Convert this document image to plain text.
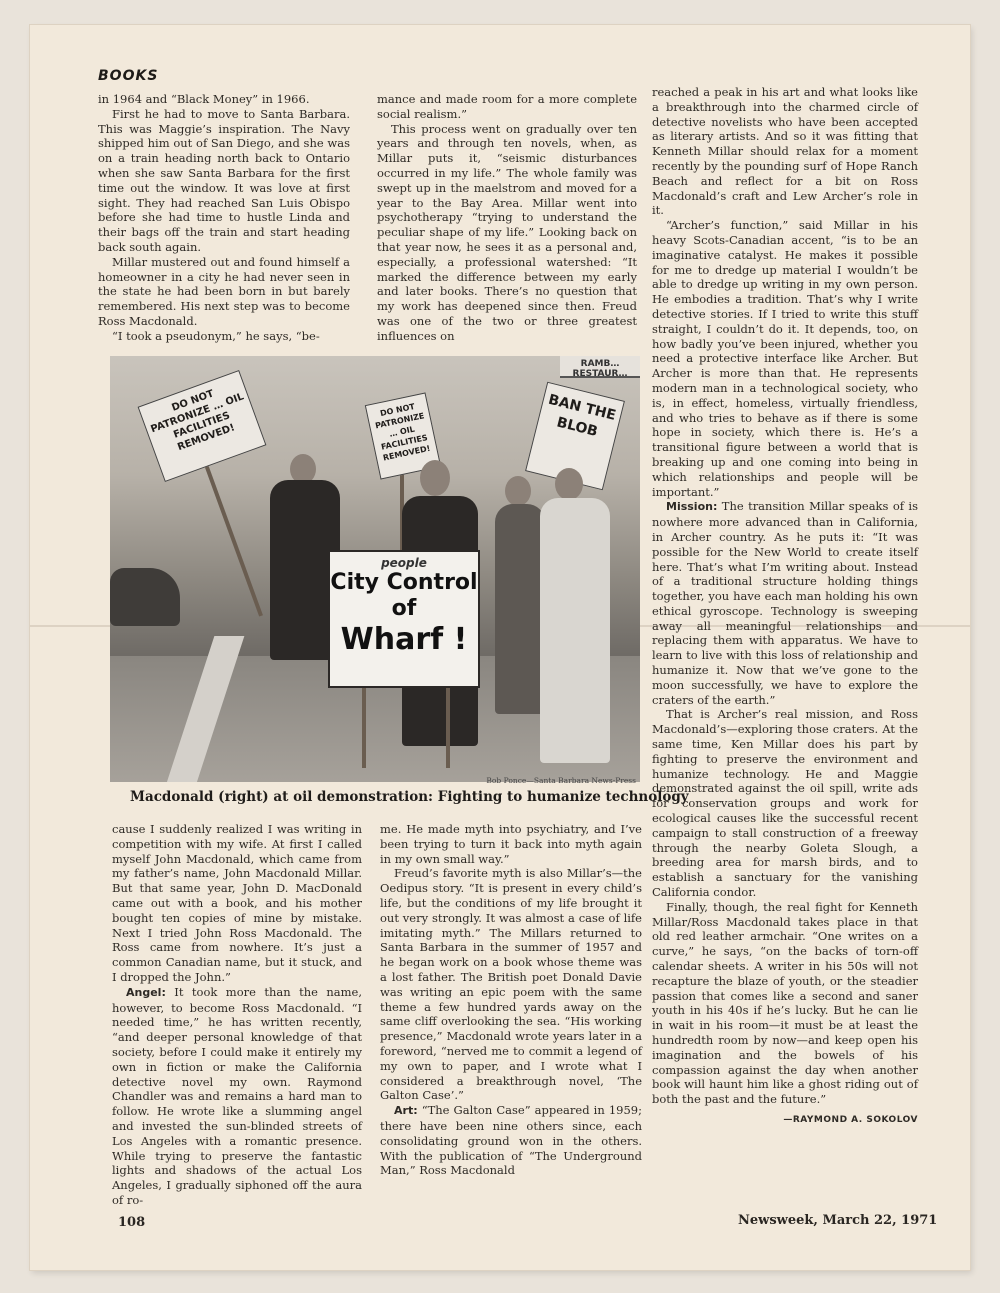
BOOKS

in 1964 and “Black Money” in 1966.

First he had to move to Santa Barbara. This was Maggie’s inspiration. The Navy shipped him out of San Diego, and she was on a train heading north back to Ontario when she saw Santa Barbara for the first time out the window. It was love at first sight. They had reached San Luis Obispo before she had time to hustle Linda and their bags off the train and start heading back south again.

Millar mustered out and found himself a homeowner in a city he had never seen in the state he had been born in but barely remembered. His next step was to become Ross Macdonald.

“I took a pseudonym,” he says, “be-

mance and made room for a more complete social realism.”

This process went on gradually over ten years and through ten novels, when, as Millar puts it, “seismic disturbances occurred in my life.” The whole family was swept up in the maelstrom and moved for a year to the Bay Area. Millar went into psychotherapy “trying to understand the peculiar shape of my life.” Looking back on that year now, he sees it as a personal and, especially, a professional watershed: “It marked the difference between my early and later books. There’s no question that my work has deepened since then. Freud was one of the two or three greatest influences on

reached a peak in his art and what looks like a breakthrough into the charmed circle of detective novelists who have been accepted as literary artists. And so it was fitting that Kenneth Millar should relax for a moment recently by the pounding surf of Hope Ranch Beach and reflect for a bit on Ross Macdonald’s craft and Lew Archer’s role in it.

“Archer’s function,” said Millar in his heavy Scots-Canadian accent, “is to be an imaginative catalyst. He makes it possible for me to dredge up material I wouldn’t be able to dredge up writing in my own person. He embodies a tradition. That’s why I write detective stories. If I tried to write this stuff straight, I couldn’t do it. It depends, too, on how badly you’ve been injured, whether you need a protective interface like Archer. But Archer is more than that. He represents modern man in a technological society, who is, in effect, homeless, virtually friendless, and who tries to behave as if there is some hope in society, which there is. He’s a transitional figure between a world that is breaking up and one coming into being in which relationships and people will be important.”

Mission: The transition Millar speaks of is nowhere more advanced than in California, in Archer country. As he puts it: “It was possible for the New World to create itself here. That’s what I’m writing about. Instead of a traditional structure holding things together, you have each man holding his own ethical gyroscope. Technology is sweeping away all meaningful relationships and replacing them with apparatus. We have to learn to live with this loss of relationship and humanize it. Now that we’ve gone to the moon successfully, we have to explore the craters of the earth.”

That is Archer’s real mission, and Ross Macdonald’s—exploring those craters. At the same time, Ken Millar does his part by fighting to preserve the environment and humanize technology. He and Maggie demonstrated against the oil spill, write ads for conservation groups and work for ecological causes like the successful recent campaign to stall construction of a freeway through the nearby Goleta Slough, a breeding area for marsh birds, and to establish a sanctuary for the vanishing California condor.

Finally, though, the real fight for Kenneth Millar/Ross Macdonald takes place in that old red leather armchair. “One writes on a curve,” he says, “on the backs of torn-off calendar sheets. A writer in his 50s will not recapture the blaze of youth, or the steadier passion that comes like a second and saner youth in his 40s if he’s lucky. But he can lie in wait in his room—it must be at least the hundredth room by now—and keep open his imagination and the bowels of his compassion against the day when another book will haunt him like a ghost riding out of both the past and the future.”

—RAYMOND A. SOKOLOV
RAMB… RESTAUR…
DO NOT PATRONIZE … OIL FACILITIES REMOVED!
DO NOT PATRONIZE … OIL FACILITIES REMOVED!
BAN THE BLOB
people
City Control
of
Wharf !
Bob Ponce—Santa Barbara News-Press
Macdonald (right) at oil demonstration: Fighting to humanize technology

cause I suddenly realized I was writing in competition with my wife. At first I called myself John Macdonald, which came from my father’s name, John Macdonald Millar. But that same year, John D. MacDonald came out with a book, and his mother bought ten copies of mine by mistake. Next I tried John Ross Macdonald. The Ross came from nowhere. It’s just a common Canadian name, but it stuck, and I dropped the John.”

Angel: It took more than the name, however, to become Ross Macdonald. “I needed time,” he has written recently, “and deeper personal knowledge of that society, before I could make it entirely my own in fiction or make the California detective novel my own. Raymond Chandler was and remains a hard man to follow. He wrote like a slumming angel and invested the sun-blinded streets of Los Angeles with a romantic presence. While trying to preserve the fantastic lights and shadows of the actual Los Angeles, I gradually siphoned off the aura of ro-

me. He made myth into psychiatry, and I’ve been trying to turn it back into myth again in my own small way.”

Freud’s favorite myth is also Millar’s—the Oedipus story. “It is present in every child’s life, but the conditions of my life brought it out very strongly. It was almost a case of life imitating myth.” The Millars returned to Santa Barbara in the summer of 1957 and he began work on a book whose theme was a lost father. The British poet Donald Davie was writing an epic poem with the same theme a few hundred yards away on the same cliff overlooking the sea. “His working presence,” Macdonald wrote years later in a foreword, “nerved me to commit a legend of my own to paper, and I wrote what I considered a breakthrough novel, ‘The Galton Case’.”

Art: “The Galton Case” appeared in 1959; there have been nine others since, each consolidating ground won in the others. With the publication of “The Underground Man,” Ross Macdonald

108	Newsweek, March 22, 1971
